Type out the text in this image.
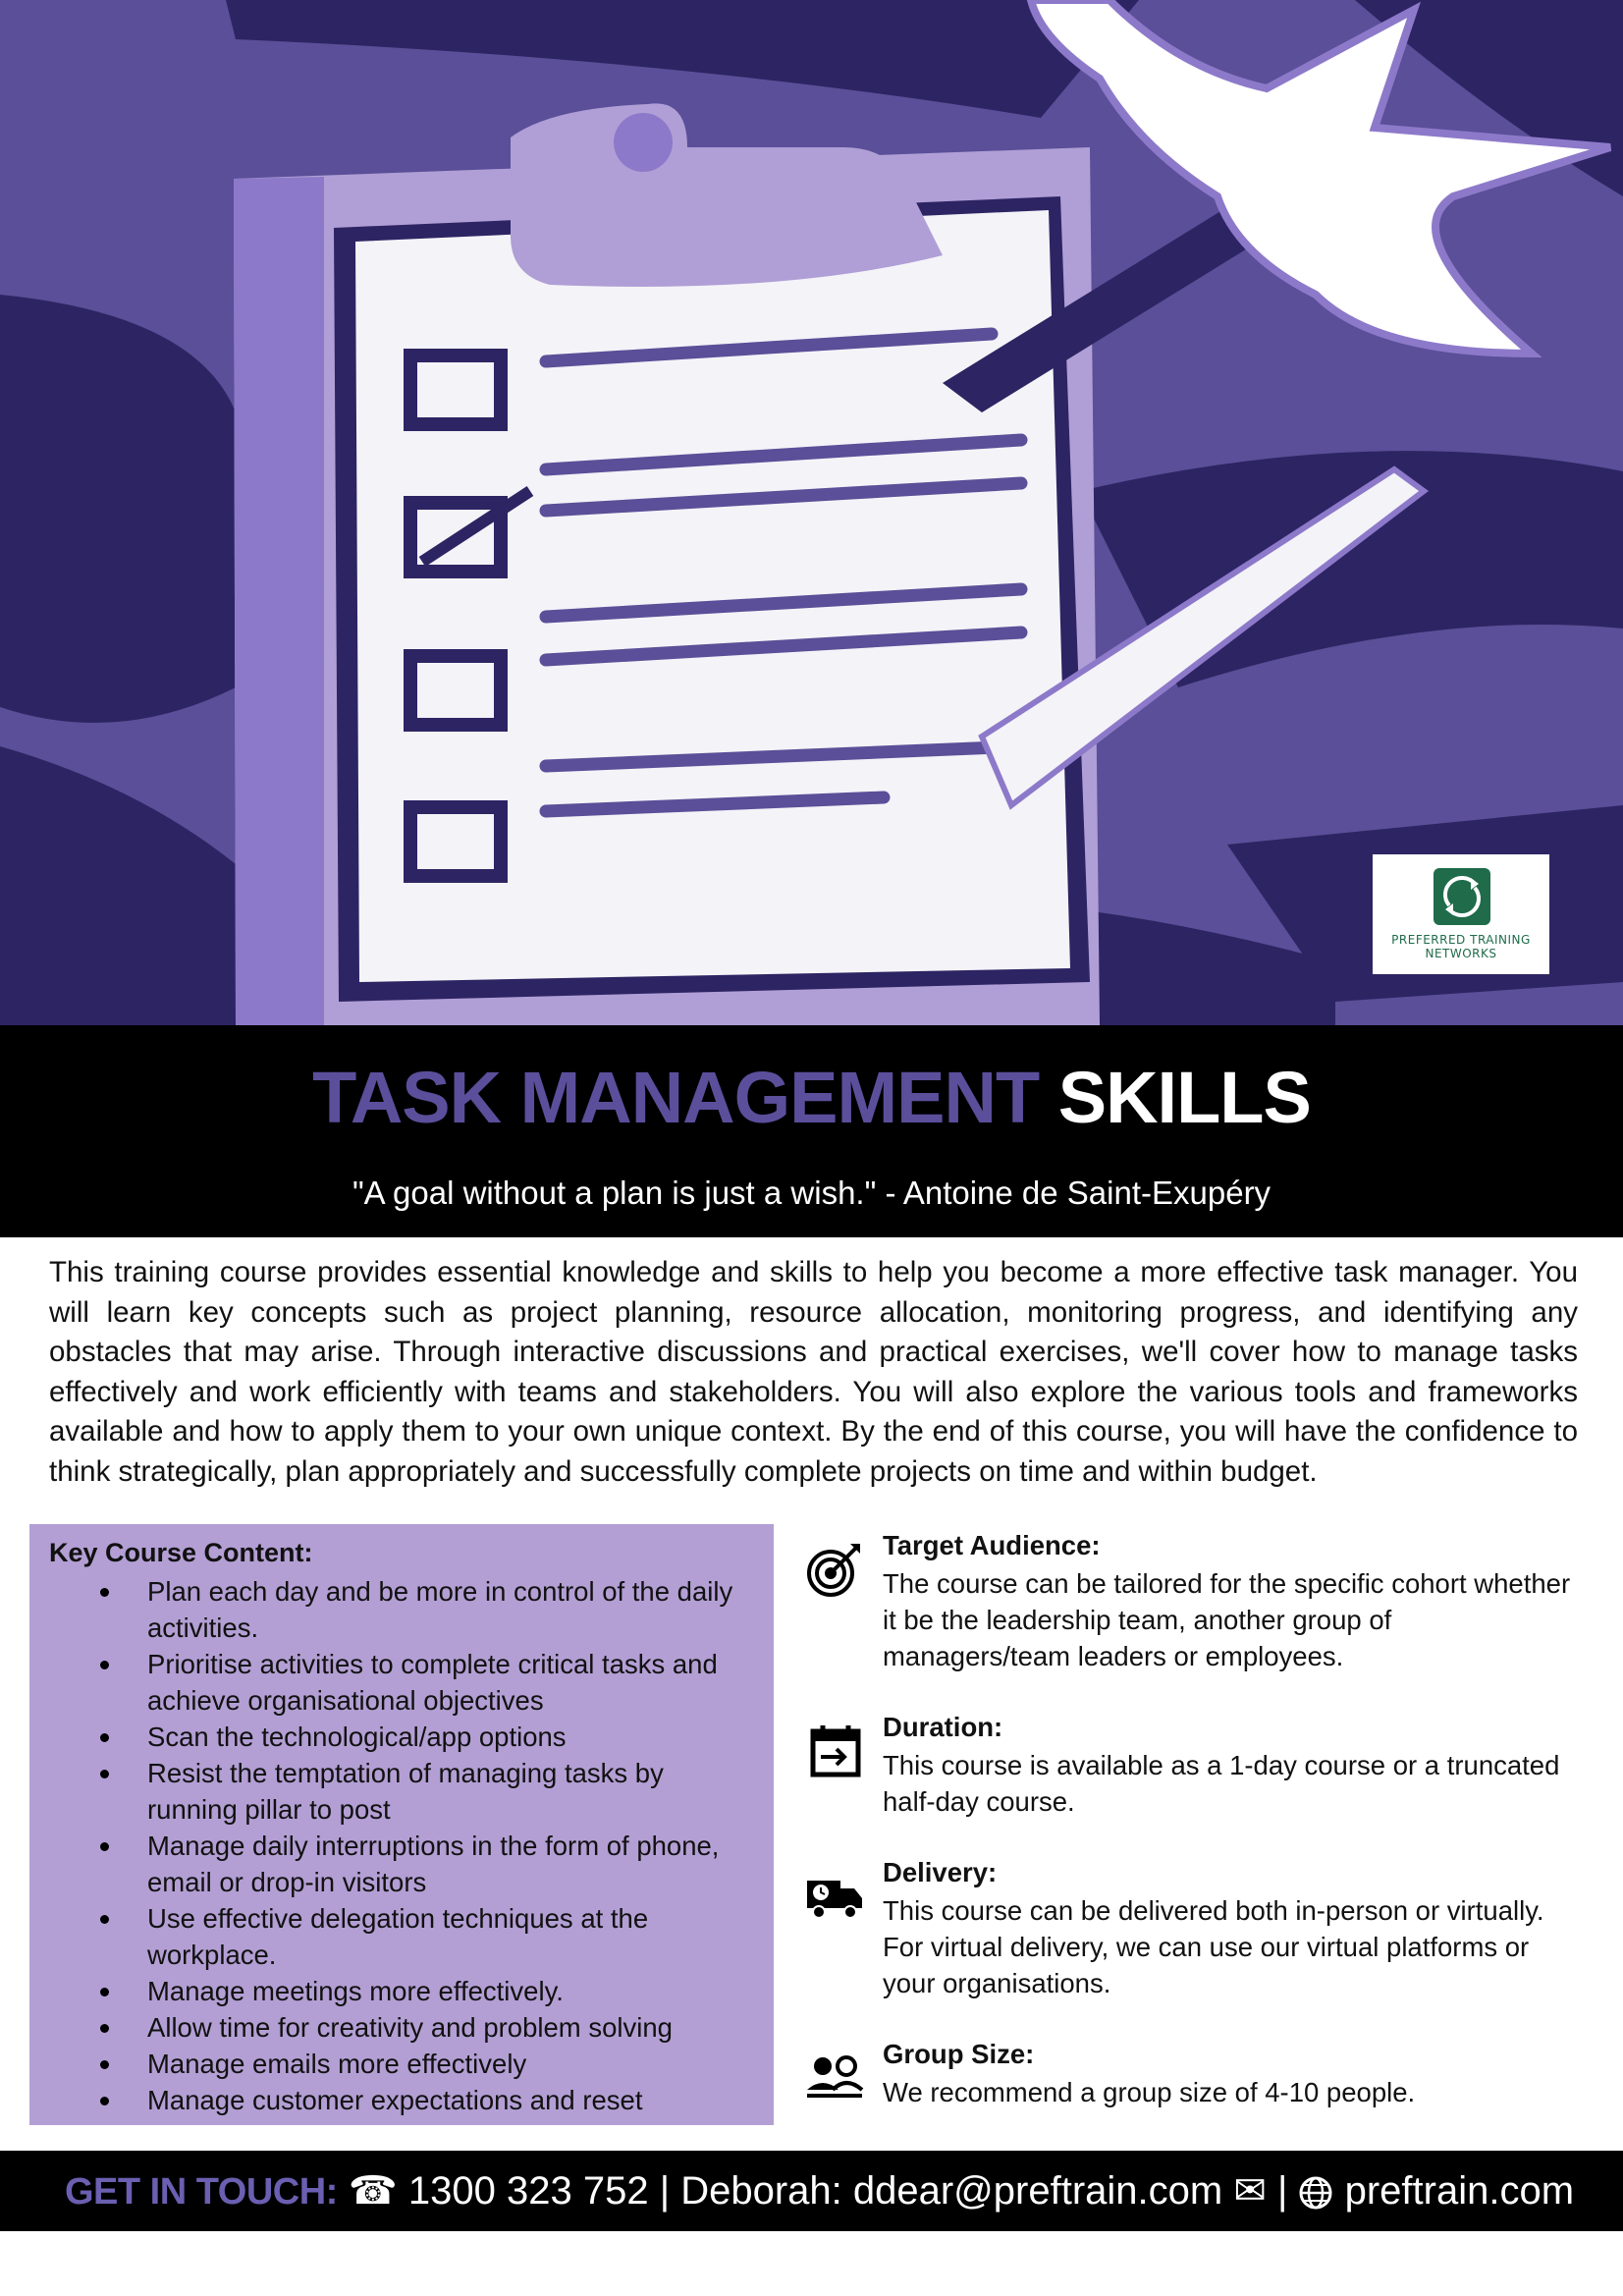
PREFERRED TRAINING
NETWORKS
TASK MANAGEMENT SKILLS
"A goal without a plan is just a wish." - Antoine de Saint-Exupéry
This training course provides essential knowledge and skills to help you become a more effective task manager. You will learn key concepts such as project planning, resource allocation, monitoring progress, and identifying any obstacles that may arise. Through interactive discussions and practical exercises, we'll cover how to manage tasks effectively and work efficiently with teams and stakeholders. You will also explore the various tools and frameworks available and how to apply them to your own unique context. By the end of this course, you will have the confidence to think strategically, plan appropriately and successfully complete projects on time and within budget.
Key Course Content:
Plan each day and be more in control of the daily activities.
Prioritise activities to complete critical tasks and achieve organisational objectives
Scan the technological/app options
Resist the temptation of managing tasks by running pillar to post
Manage daily interruptions in the form of phone, email or drop-in visitors
Use effective delegation techniques at the workplace.
Manage meetings more effectively.
Allow time for creativity and problem solving
Manage emails more effectively
Manage customer expectations and reset
Target Audience:
The course can be tailored for the specific cohort whether it be the leadership team, another group of managers/team leaders or employees.
Duration:
This course is available as a 1-day course or a truncated half-day course.
Delivery:
This course can be delivered both in-person or virtually. For virtual delivery, we can use our virtual platforms or your organisations.
Group Size:
We recommend a group size of 4-10 people.
GET IN TOUCH: ☎ 1300 323 752 | Deborah: ddear@preftrain.com ✉ | preftrain.com
